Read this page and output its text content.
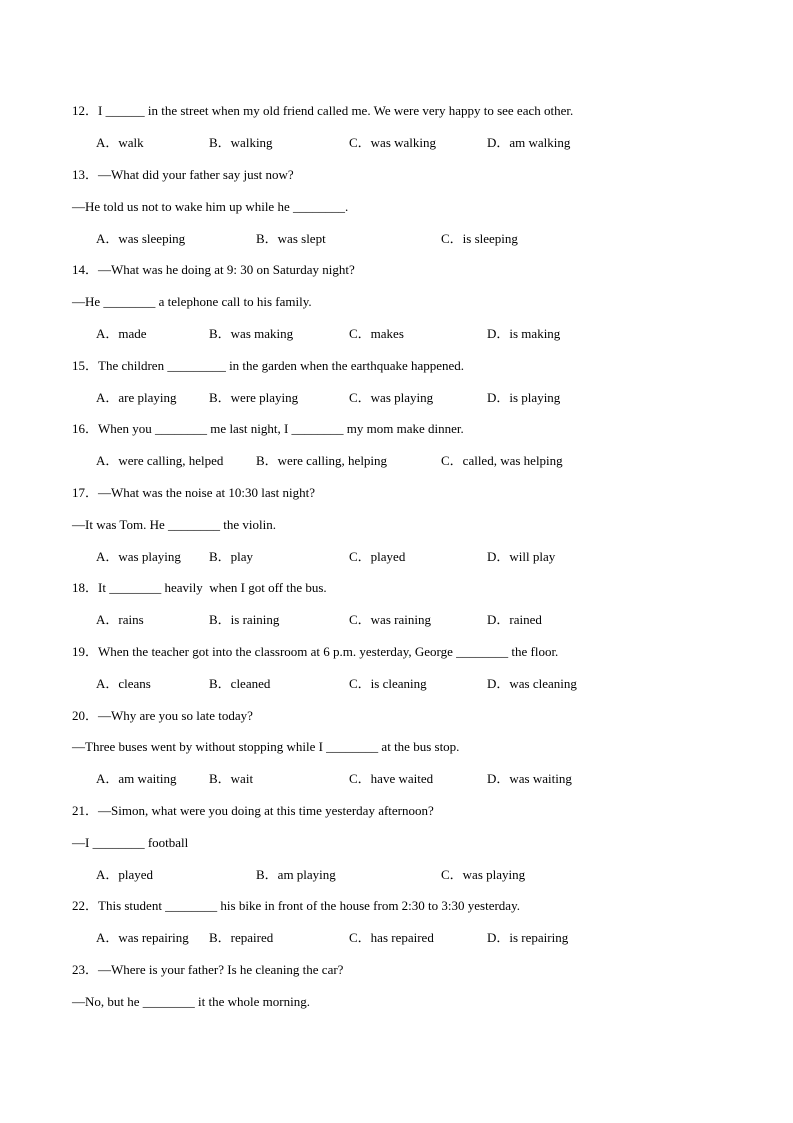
12．I ______ in the street when my old friend called me. We were very happy to see each other.
A．walk	B．walking	C．was walking	D．am walking
13．—What did your father say just now?
—He told us not to wake him up while he ________.
A．was sleeping	B．was slept	C．is sleeping
14．—What was he doing at 9: 30 on Saturday night?
—He ________ a telephone call to his family.
A．made	B．was making	C．makes	D．is making
15．The children _________ in the garden when the earthquake happened.
A．are playing B．were playing	C．was playing	D．is playing
16．When you ________ me last night, I ________ my mom make dinner.
A．were calling, helped	B．were calling, helping	C．called, was helping
17．—What was the noise at 10:30 last night?
—It was Tom. He ________ the violin.
A．was playing B．play	C．played	D．will play
18．It ________ heavily  when I got off the bus.
A．rains	B．is raining	C．was raining	D．rained
19．When the teacher got into the classroom at 6 p.m. yesterday, George ________ the floor.
A．cleans	B．cleaned	C．is cleaning	D．was cleaning
20．—Why are you so late today?
—Three buses went by without stopping while I ________ at the bus stop.
A．am waiting B．wait	C．have waited	D．was waiting
21．—Simon, what were you doing at this time yesterday afternoon?
—I ________ football
A．played	B．am playing	C．was playing
22．This student ________ his bike in front of the house from 2:30 to 3:30 yesterday.
A．was repairing B．repaired	C．has repaired	D．is repairing
23．—Where is your father? Is he cleaning the car?
—No, but he ________ it the whole morning.
